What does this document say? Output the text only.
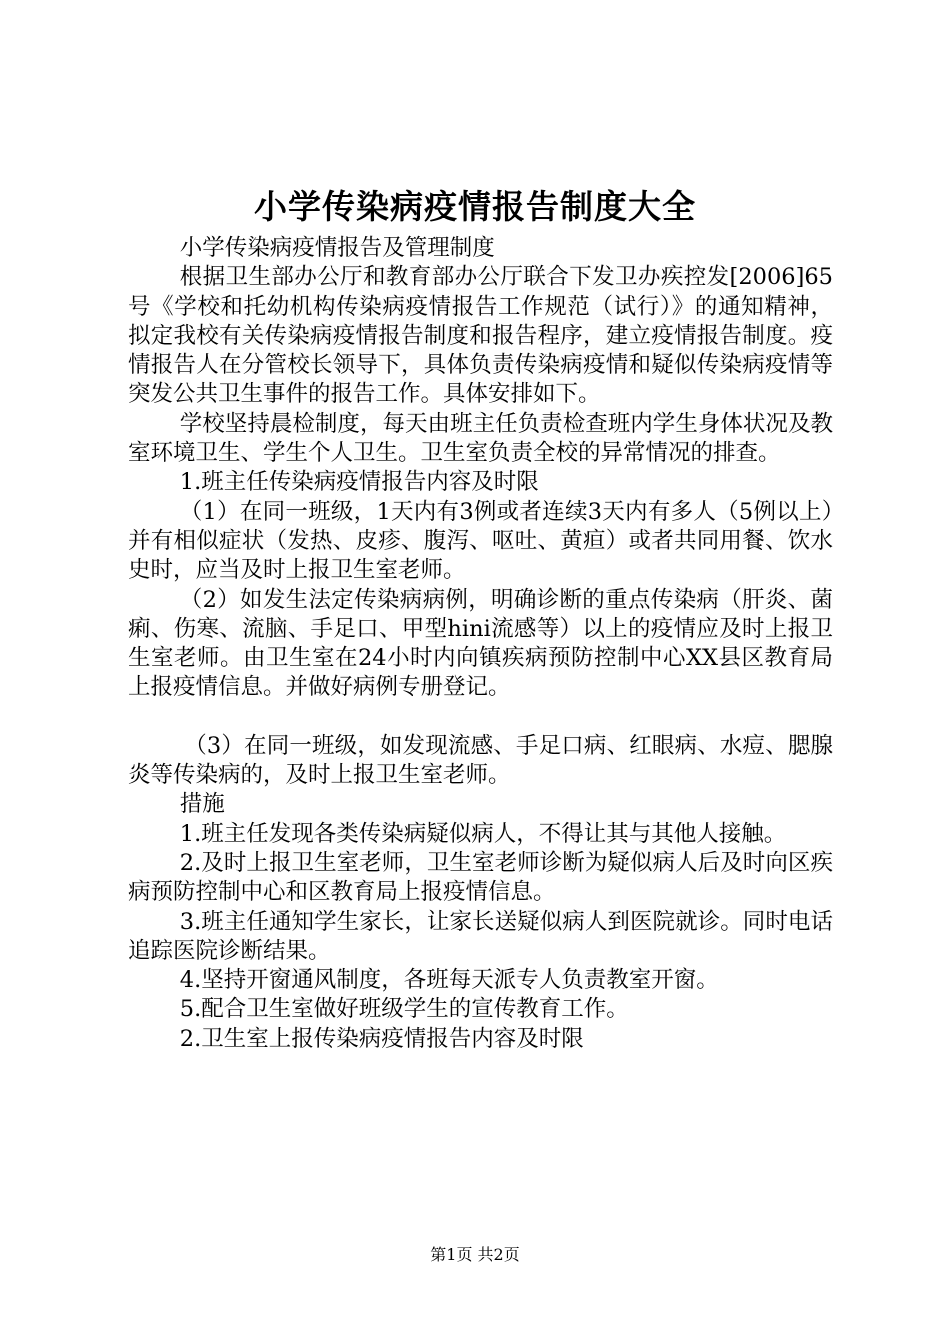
小学传染病疫情报告制度大全

小学传染病疫情报告及管理制度

根据卫生部办公厅和教育部办公厅联合下发卫办疾控发[2006]65号《学校和托幼机构传染病疫情报告工作规范（试行）》的通知精神，拟定我校有关传染病疫情报告制度和报告程序，建立疫情报告制度。疫情报告人在分管校长领导下，具体负责传染病疫情和疑似传染病疫情等突发公共卫生事件的报告工作。具体安排如下。

学校坚持晨检制度，每天由班主任负责检查班内学生身体状况及教室环境卫生、学生个人卫生。卫生室负责全校的异常情况的排查。

1.班主任传染病疫情报告内容及时限

（1）在同一班级，1天内有3例或者连续3天内有多人（5例以上）并有相似症状（发热、皮疹、腹泻、呕吐、黄疸）或者共同用餐、饮水史时，应当及时上报卫生室老师。

（2）如发生法定传染病病例，明确诊断的重点传染病（肝炎、菌痢、伤寒、流脑、手足口、甲型hini流感等）以上的疫情应及时上报卫生室老师。由卫生室在24小时内向镇疾病预防控制中心XX县区教育局上报疫情信息。并做好病例专册登记。

（3）在同一班级，如发现流感、手足口病、红眼病、水痘、腮腺炎等传染病的，及时上报卫生室老师。

措施

1.班主任发现各类传染病疑似病人，不得让其与其他人接触。

2.及时上报卫生室老师，卫生室老师诊断为疑似病人后及时向区疾病预防控制中心和区教育局上报疫情信息。

3.班主任通知学生家长，让家长送疑似病人到医院就诊。同时电话追踪医院诊断结果。

4.坚持开窗通风制度，各班每天派专人负责教室开窗。

5.配合卫生室做好班级学生的宣传教育工作。

2.卫生室上报传染病疫情报告内容及时限

第1页 共2页
